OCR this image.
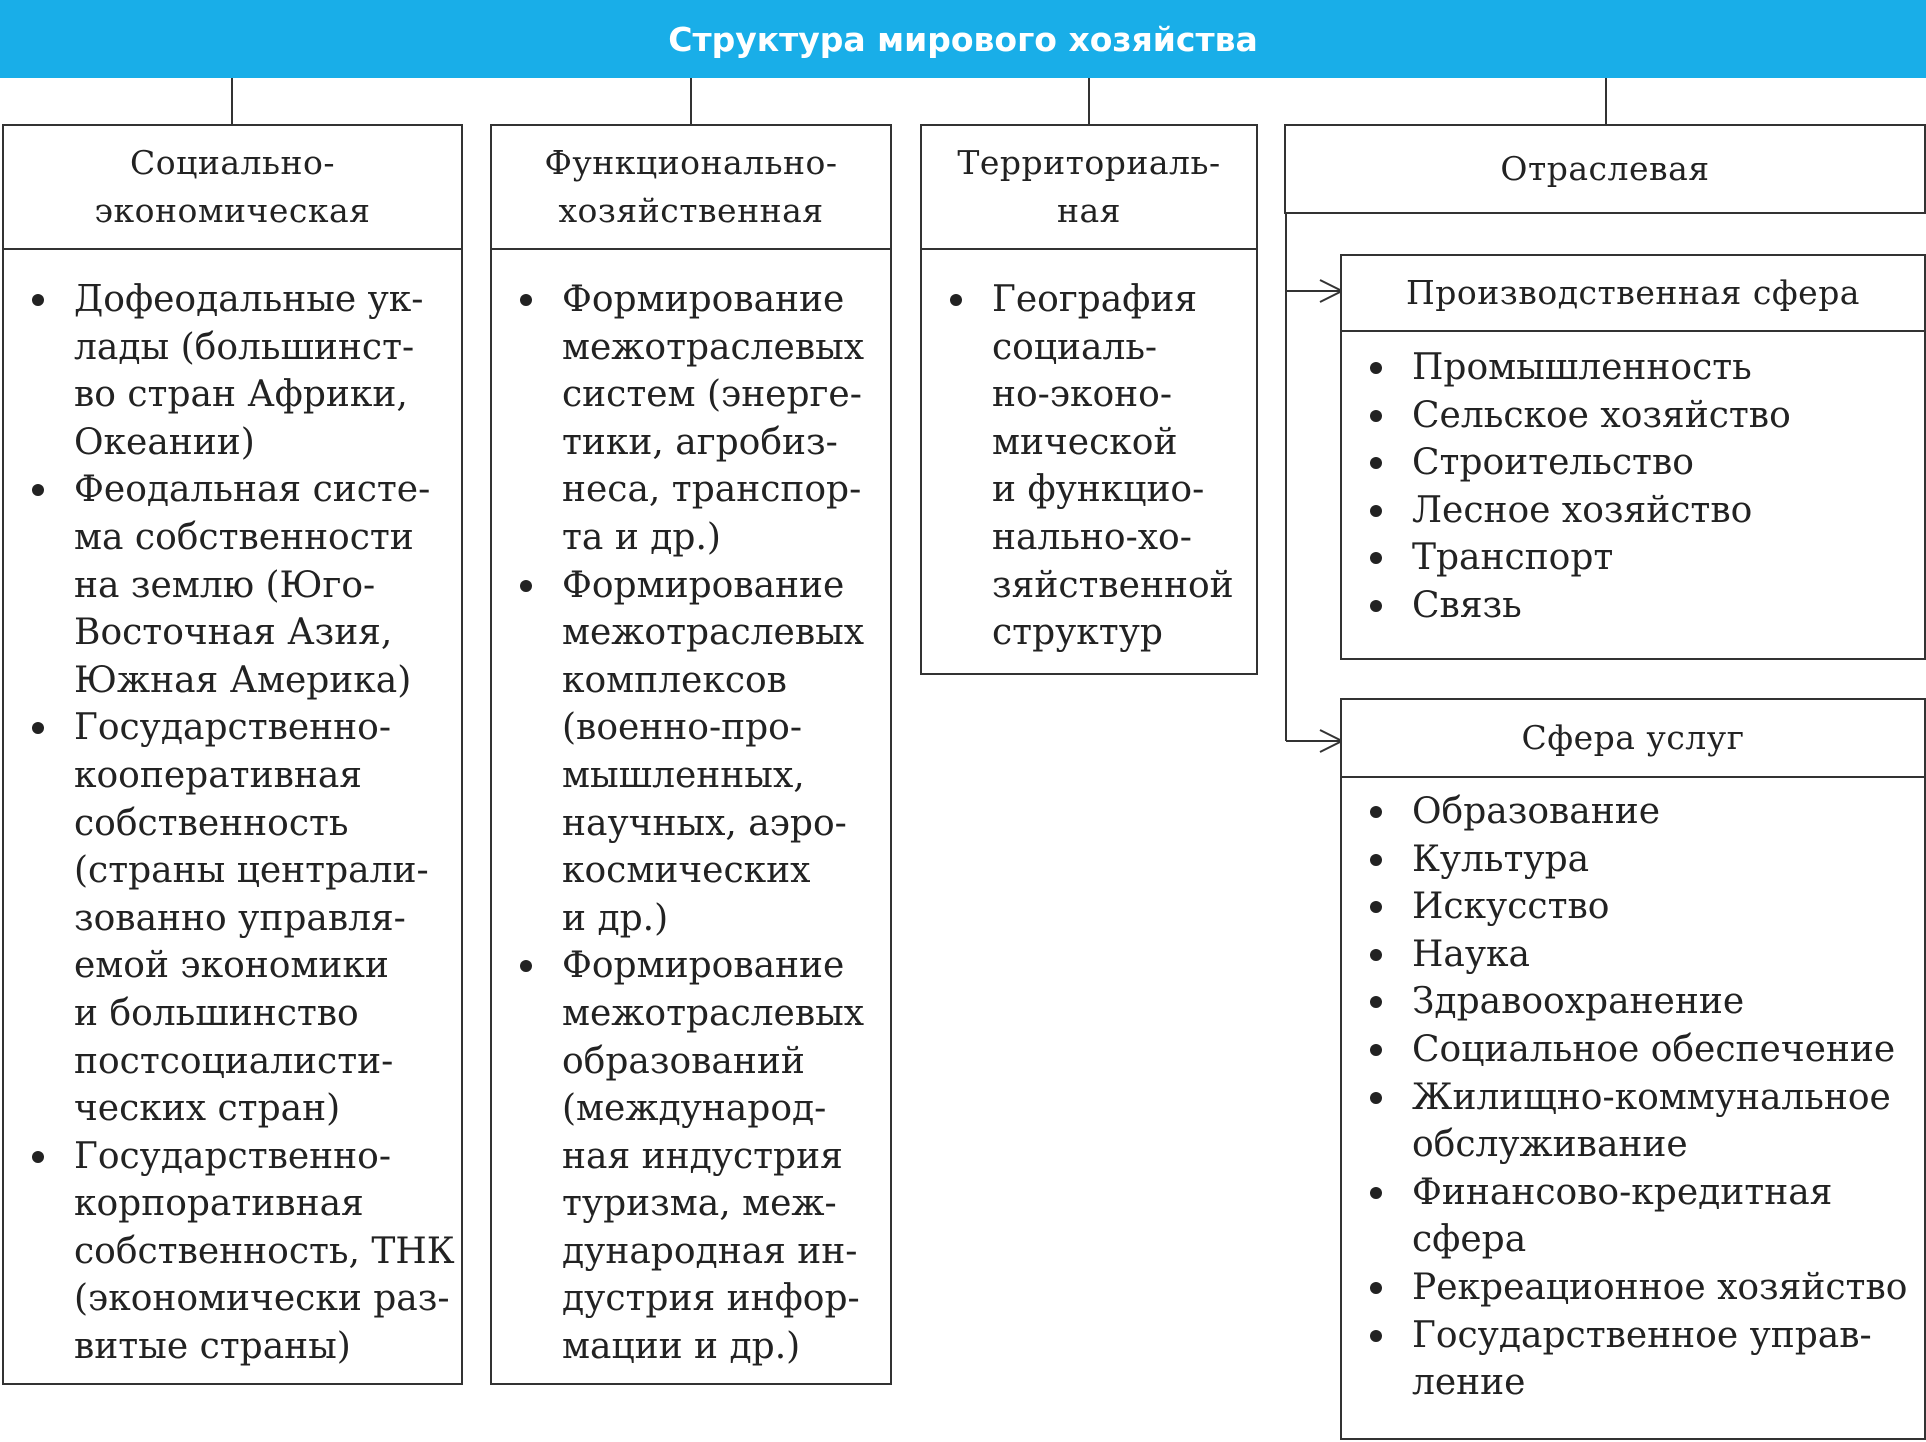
Структура мирового хозяйства
Социально-
экономическая
Дофеодальные ук-
лады (большинст-
во стран Африки,
Океании)
Феодальная систе-
ма собственности
на землю (Юго-
Восточная Азия,
Южная Америка)
Государственно-
кооперативная
собственность
(страны централи-
зованно управля-
емой экономики
и большинство
постсоциалисти-
ческих стран)
Государственно-
корпоративная
собственность, ТНК
(экономически раз-
витые страны)
Функционально-
хозяйственная
Формирование
межотраслевых
систем (энерге-
тики, агробиз-
неса, транспор-
та и др.)
Формирование
межотраслевых
комплексов
(военно-про-
мышленных,
научных, аэро-
космических
и др.)
Формирование
межотраслевых
образований
(международ-
ная индустрия
туризма, меж-
дународная ин-
дустрия инфор-
мации и др.)
Территориаль-
ная
География
социаль-
но-эконо-
мической
и функцио-
нально-хо-
зяйственной
структур
Отраслевая
Производственная сфера
Промышленность
Сельское хозяйство
Строительство
Лесное хозяйство
Транспорт
Связь
Сфера услуг
Образование
Культура
Искусство
Наука
Здравоохранение
Социальное обеспечение
Жилищно-коммунальное обслуживание
Финансово-кредитная сфера
Рекреационное хозяйство
Государственное управ-
ление
